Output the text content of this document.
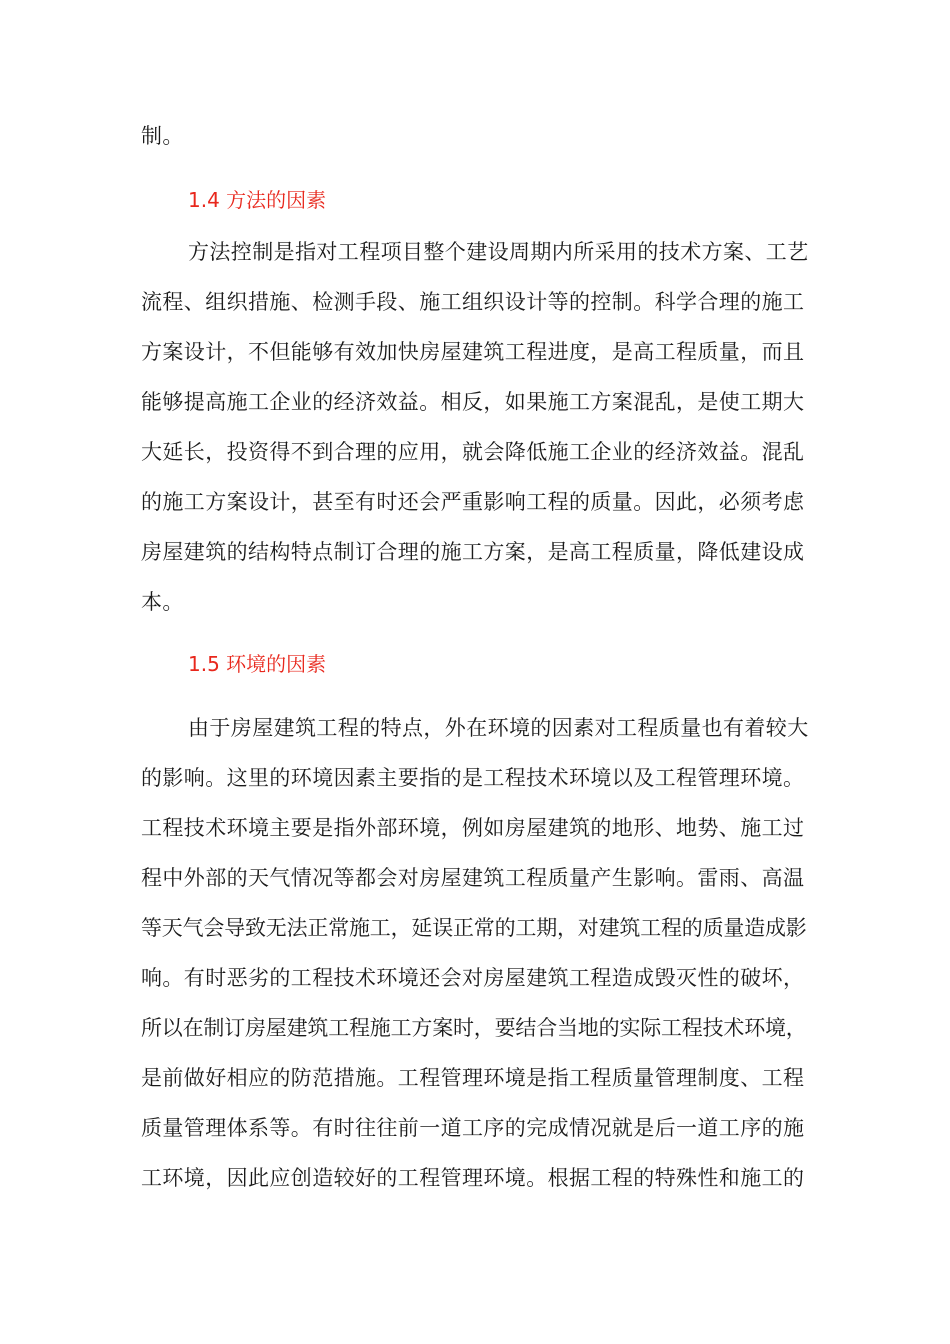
制。
1.4 方法的因素
方法控制是指对工程项目整个建设周期内所采用的技术方案、工艺
流程、组织措施、检测手段、施工组织设计等的控制。科学合理的施工
方案设计，不但能够有效加快房屋建筑工程进度，是高工程质量，而且
能够提高施工企业的经济效益。相反，如果施工方案混乱，是使工期大
大延长，投资得不到合理的应用，就会降低施工企业的经济效益。混乱
的施工方案设计，甚至有时还会严重影响工程的质量。因此，必须考虑
房屋建筑的结构特点制订合理的施工方案，是高工程质量，降低建设成
本。
1.5 环境的因素
由于房屋建筑工程的特点，外在环境的因素对工程质量也有着较大
的影响。这里的环境因素主要指的是工程技术环境以及工程管理环境。
工程技术环境主要是指外部环境，例如房屋建筑的地形、地势、施工过
程中外部的天气情况等都会对房屋建筑工程质量产生影响。雷雨、高温
等天气会导致无法正常施工，延误正常的工期，对建筑工程的质量造成影
响。有时恶劣的工程技术环境还会对房屋建筑工程造成毁灭性的破坏，
所以在制订房屋建筑工程施工方案时，要结合当地的实际工程技术环境，
是前做好相应的防范措施。工程管理环境是指工程质量管理制度、工程
质量管理体系等。有时往往前一道工序的完成情况就是后一道工序的施
工环境，因此应创造较好的工程管理环境。根据工程的特殊性和施工的
